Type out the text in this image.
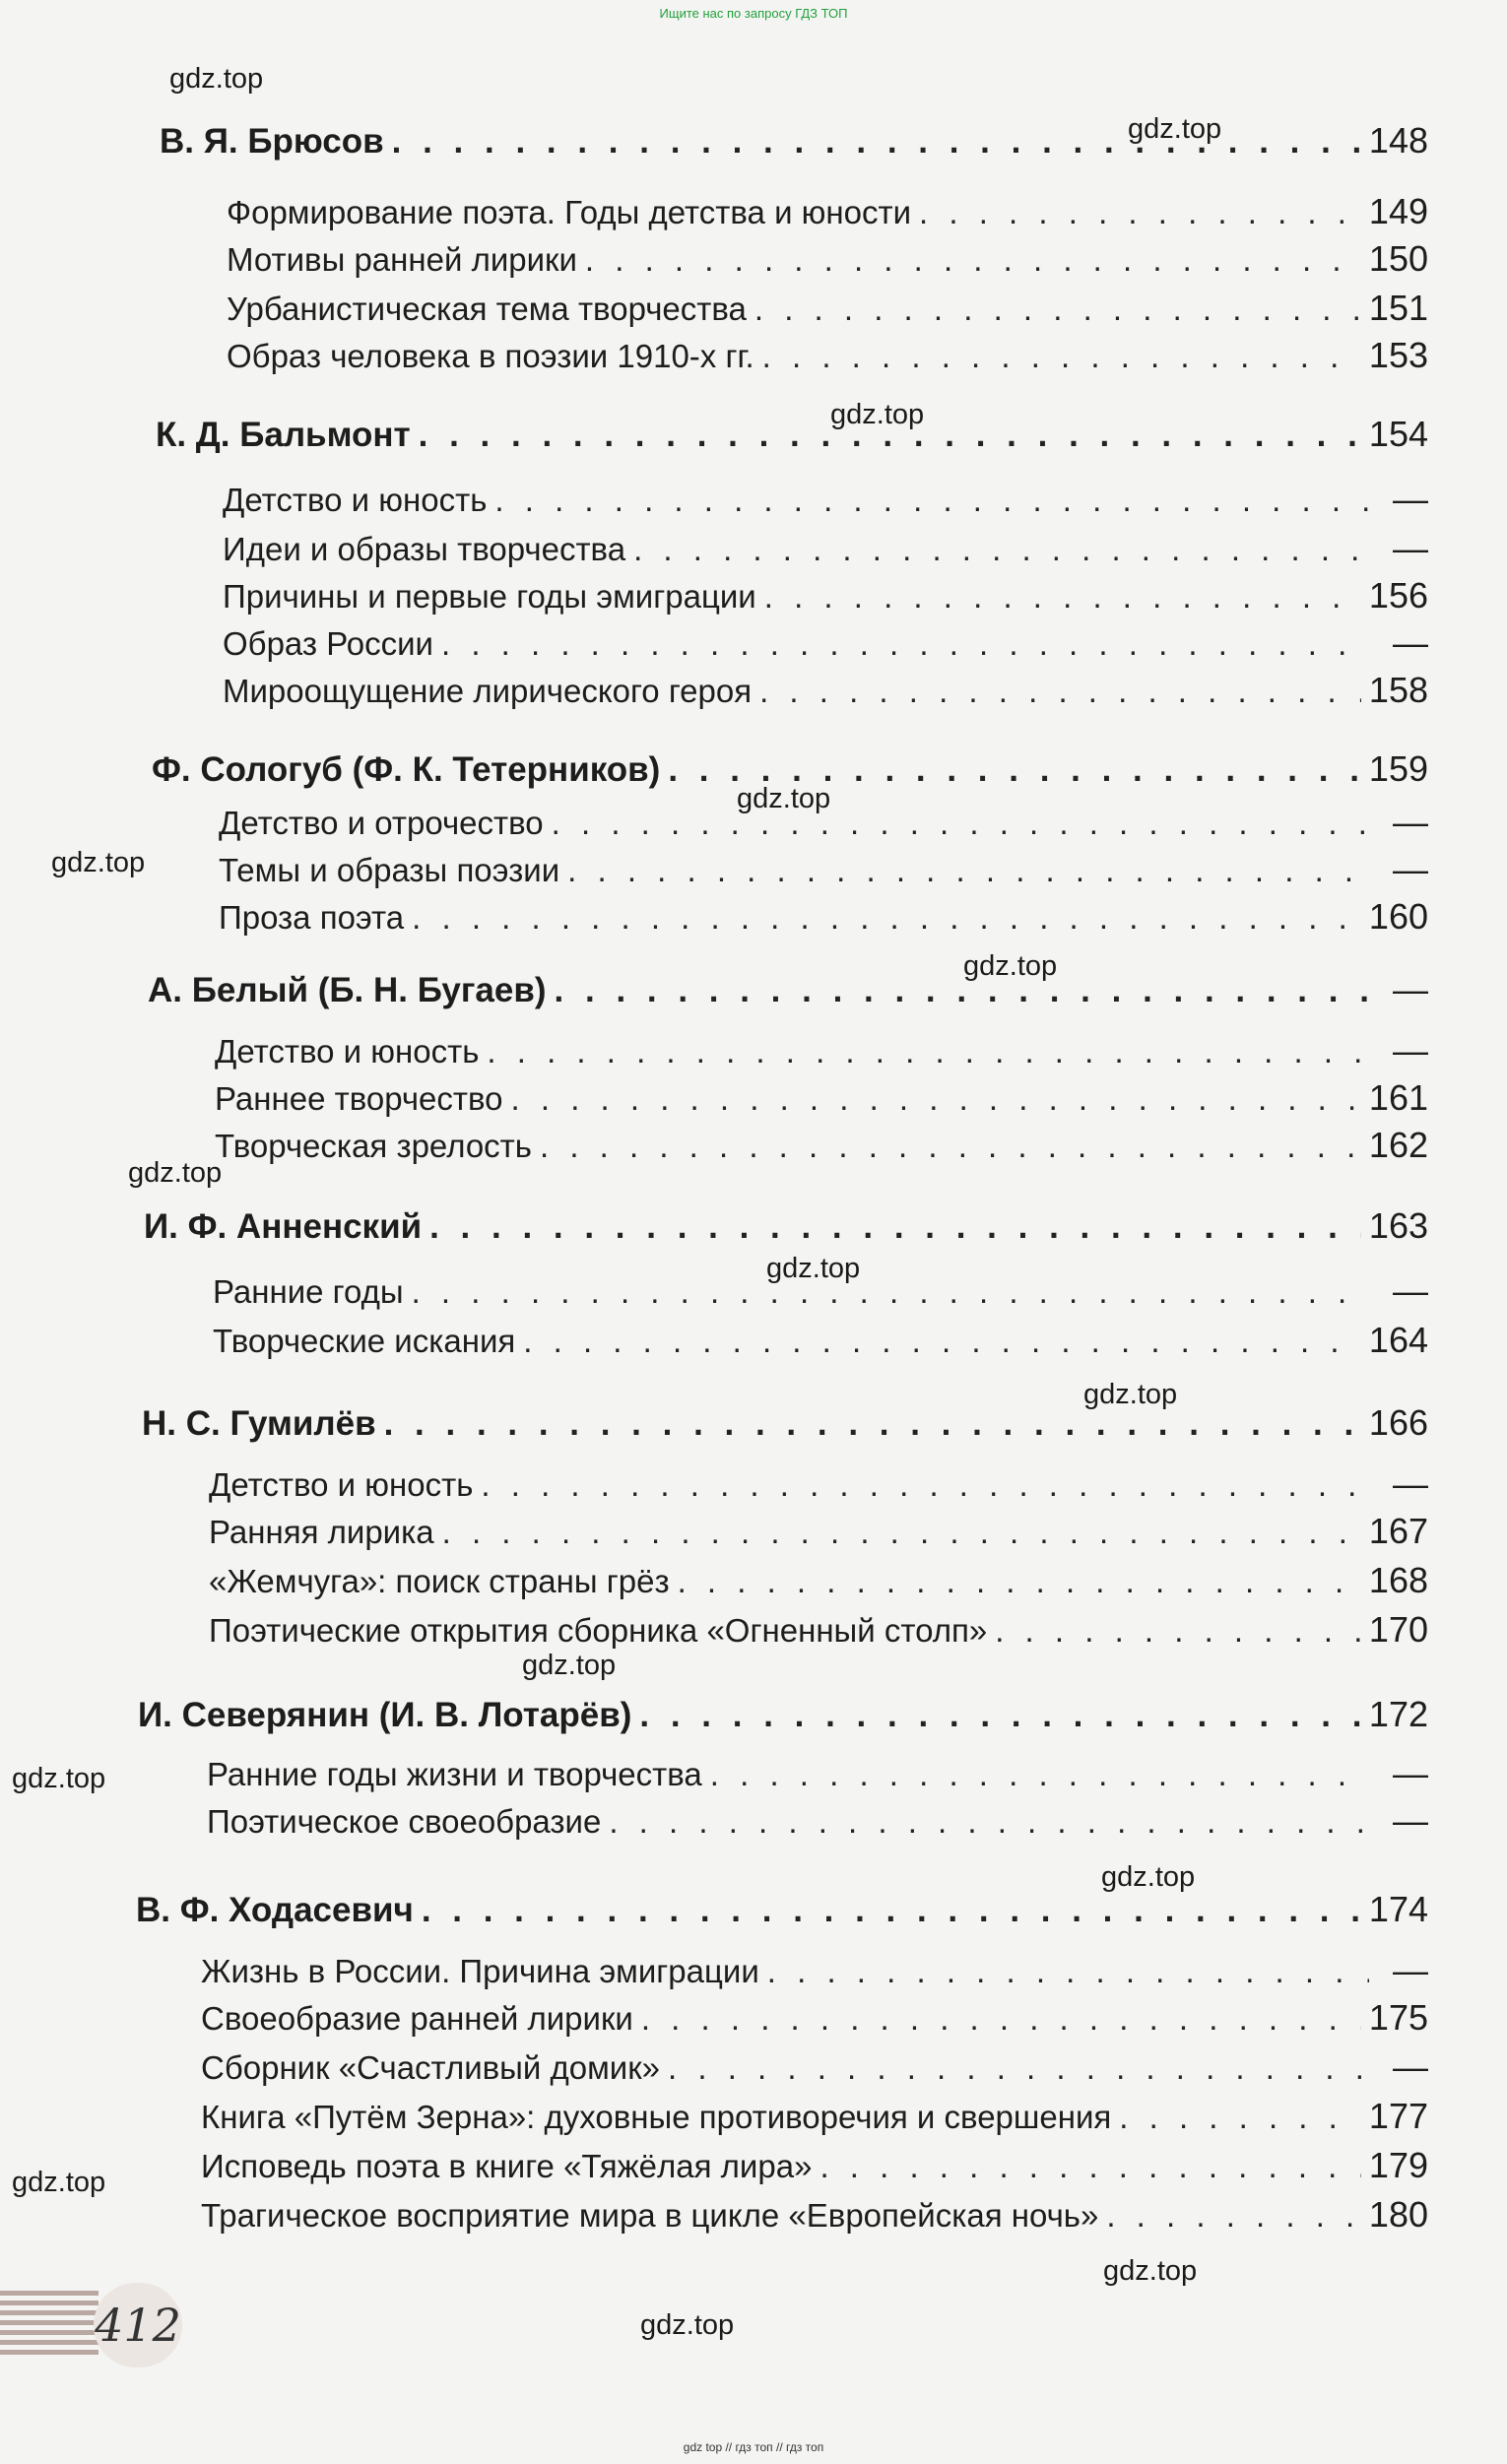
Ищите нас по запросу ГДЗ ТОП
gdz.top
gdz.top
gdz.top
gdz.top
gdz.top
gdz.top
gdz.top
gdz.top
gdz.top
gdz.top
gdz.top
gdz.top
gdz.top
gdz.top
gdz.top
В. Я. Брюсов . . .	148
Формирование поэта. Годы детства и юности . . .	149
Мотивы ранней лирики . . .	150
Урбанистическая тема творчества . . .	151
Образ человека в поэзии 1910-х гг. . . .	153
К. Д. Бальмонт . . .	154
Детство и юность . . .	—
Идеи и образы творчества . . .	—
Причины и первые годы эмиграции . . .	156
Образ России . . .	—
Мироощущение лирического героя . . .	158
Ф. Сологуб (Ф. К. Тетерников) . . .	159
Детство и отрочество . . .	—
Темы и образы поэзии . . .	—
Проза поэта . . .	160
А. Белый (Б. Н. Бугаев) . . .	—
Детство и юность . . .	—
Раннее творчество . . .	161
Творческая зрелость . . .	162
И. Ф. Анненский . . .	163
Ранние годы . . .	—
Творческие искания . . .	164
Н. С. Гумилёв . . .	166
Детство и юность . . .	—
Ранняя лирика . . .	167
«Жемчуга»: поиск страны грёз . . .	168
Поэтические открытия сборника «Огненный столп» . . .	170
И. Северянин (И. В. Лотарёв) . . .	172
Ранние годы жизни и творчества . . .	—
Поэтическое своеобразие . . .	—
В. Ф. Ходасевич . . .	174
Жизнь в России. Причина эмиграции . . .	—
Своеобразие ранней лирики . . .	175
Сборник «Счастливый домик» . . .	—
Книга «Путём Зерна»: духовные противоречия и свершения . . .	177
Исповедь поэта в книге «Тяжёлая лира» . . .	179
Трагическое восприятие мира в цикле «Европейская ночь» . . .	180
412
gdz top // гдз топ // гдз топ
